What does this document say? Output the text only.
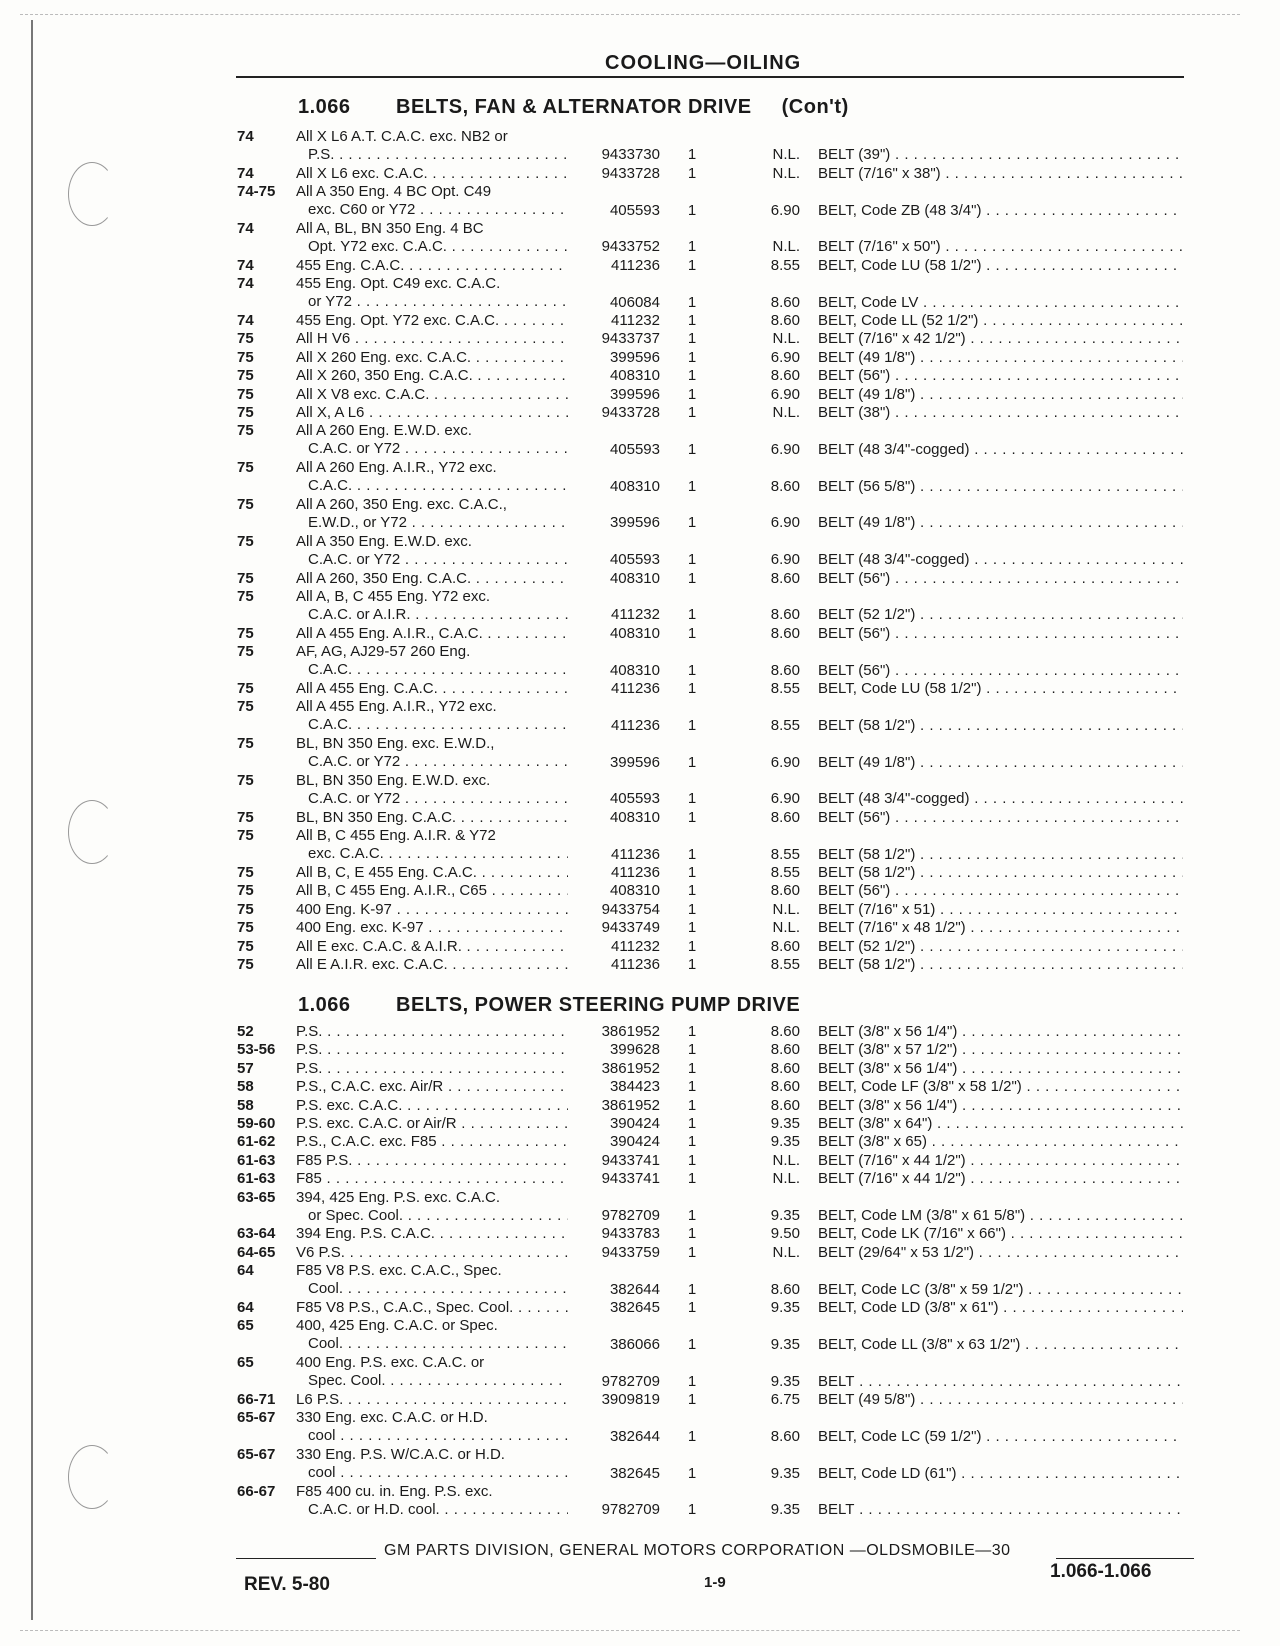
COOLING—OILING
1.066 BELTS, FAN & ALTERNATOR DRIVE (Con't)
74	All X L6 A.T. C.A.C. exc. NB2 or
P.S. . . .	9433730 1	N.L. BELT (39") . . .
74	All X L6 exc. C.A.C. . . .	9433728 1	N.L. BELT (7/16" x 38") . . .
74-75 All A 350 Eng. 4 BC Opt. C49
exc. C60 or Y72 . . .	405593 1	6.90 BELT, Code ZB (48 3/4") . . .
74	All A, BL, BN 350 Eng. 4 BC
Opt. Y72 exc. C.A.C. . . .	9433752 1	N.L. BELT (7/16" x 50") . . .
74	455 Eng. C.A.C. . . .	411236 1	8.55 BELT, Code LU (58 1/2") . . .
74	455 Eng. Opt. C49 exc. C.A.C.
or Y72 . . .	406084 1	8.60 BELT, Code LV . . .
74	455 Eng. Opt. Y72 exc. C.A.C. . . .	411232 1	8.60 BELT, Code LL (52 1/2") . . .
75	All H V6 . . .	9433737 1	N.L. BELT (7/16" x 42 1/2") . . .
75	All X 260 Eng. exc. C.A.C. . . .	399596 1	6.90 BELT (49 1/8") . . .
75	All X 260, 350 Eng. C.A.C. . . .	408310 1	8.60 BELT (56") . . .
75	All X V8 exc. C.A.C. . . .	399596 1	6.90 BELT (49 1/8") . . .
75	All X, A L6 . . .	9433728 1	N.L. BELT (38") . . .
75	All A 260 Eng. E.W.D. exc.
C.A.C. or Y72 . . .	405593 1	6.90 BELT (48 3/4"-cogged) . . .
75	All A 260 Eng. A.I.R., Y72 exc.
C.A.C. . . .	408310 1	8.60 BELT (56 5/8") . . .
75	All A 260, 350 Eng. exc. C.A.C.,
E.W.D., or Y72 . . .	399596 1	6.90 BELT (49 1/8") . . .
75	All A 350 Eng. E.W.D. exc.
C.A.C. or Y72 . . .	405593 1	6.90 BELT (48 3/4"-cogged) . . .
75	All A 260, 350 Eng. C.A.C. . . .	408310 1	8.60 BELT (56") . . .
75	All A, B, C 455 Eng. Y72 exc.
C.A.C. or A.I.R. . . .	411232 1	8.60 BELT (52 1/2") . . .
75	All A 455 Eng. A.I.R., C.A.C. . . .	408310 1	8.60 BELT (56") . . .
75	AF, AG, AJ29-57 260 Eng.
C.A.C. . . .	408310 1	8.60 BELT (56") . . .
75	All A 455 Eng. C.A.C. . . .	411236 1	8.55 BELT, Code LU (58 1/2") . . .
75	All A 455 Eng. A.I.R., Y72 exc.
C.A.C. . . .	411236 1	8.55 BELT (58 1/2") . . .
75	BL, BN 350 Eng. exc. E.W.D.,
C.A.C. or Y72 . . .	399596 1	6.90 BELT (49 1/8") . . .
75	BL, BN 350 Eng. E.W.D. exc.
C.A.C. or Y72 . . .	405593 1	6.90 BELT (48 3/4"-cogged) . . .
75	BL, BN 350 Eng. C.A.C. . . .	408310 1	8.60 BELT (56") . . .
75	All B, C 455 Eng. A.I.R. & Y72
exc. C.A.C. . . .	411236 1	8.55 BELT (58 1/2") . . .
75	All B, C, E 455 Eng. C.A.C. . . .	411236 1	8.55 BELT (58 1/2") . . .
75	All B, C 455 Eng. A.I.R., C65 . . .	408310 1	8.60 BELT (56") . . .
75	400 Eng. K-97 . . .	9433754 1	N.L. BELT (7/16" x 51) . . .
75	400 Eng. exc. K-97 . . .	9433749 1	N.L. BELT (7/16" x 48 1/2") . . .
75	All E exc. C.A.C. & A.I.R. . . .	411232 1	8.60 BELT (52 1/2") . . .
75	All E A.I.R. exc. C.A.C. . . .	411236 1	8.55 BELT (58 1/2") . . .
1.066 BELTS, POWER STEERING PUMP DRIVE
52	P.S. . . .	3861952 1	8.60 BELT (3/8" x 56 1/4") . . .
53-56 P.S. . . .	399628 1	8.60 BELT (3/8" x 57 1/2") . . .
57	P.S. . . .	3861952 1	8.60 BELT (3/8" x 56 1/4") . . .
58	P.S., C.A.C. exc. Air/R . . .	384423 1	8.60 BELT, Code LF (3/8" x 58 1/2") . . .
58	P.S. exc. C.A.C. . . .	3861952 1	8.60 BELT (3/8" x 56 1/4") . . .
59-60 P.S. exc. C.A.C. or Air/R . . .	390424 1	9.35 BELT (3/8" x 64") . . .
61-62 P.S., C.A.C. exc. F85 . . .	390424 1	9.35 BELT (3/8" x 65) . . .
61-63 F85 P.S. . . .	9433741 1	N.L. BELT (7/16" x 44 1/2") . . .
61-63 F85 . . .	9433741 1	N.L. BELT (7/16" x 44 1/2") . . .
63-65 394, 425 Eng. P.S. exc. C.A.C.
or Spec. Cool. . . .	9782709 1	9.35 BELT, Code LM (3/8" x 61 5/8") . . .
63-64 394 Eng. P.S. C.A.C. . . .	9433783 1	9.50 BELT, Code LK (7/16" x 66") . . .
64-65 V6 P.S. . . .	9433759 1	N.L. BELT (29/64" x 53 1/2") . . .
64	F85 V8 P.S. exc. C.A.C., Spec.
Cool. . . .	382644 1	8.60 BELT, Code LC (3/8" x 59 1/2") . . .
64	F85 V8 P.S., C.A.C., Spec. Cool. . . .	382645 1	9.35 BELT, Code LD (3/8" x 61") . . .
65	400, 425 Eng. C.A.C. or Spec.
Cool. . . .	386066 1	9.35 BELT, Code LL (3/8" x 63 1/2") . . .
65	400 Eng. P.S. exc. C.A.C. or
Spec. Cool. . . .	9782709 1	9.35 BELT . . .
66-71 L6 P.S. . . .	3909819 1	6.75 BELT (49 5/8") . . .
65-67 330 Eng. exc. C.A.C. or H.D.
cool . . .	382644 1	8.60 BELT, Code LC (59 1/2") . . .
65-67 330 Eng. P.S. W/C.A.C. or H.D.
cool . . .	382645 1	9.35 BELT, Code LD (61") . . .
66-67 F85 400 cu. in. Eng. P.S. exc.
C.A.C. or H.D. cool. . . .	9782709 1	9.35 BELT . . .
GM PARTS DIVISION, GENERAL MOTORS CORPORATION —OLDSMOBILE—30
REV. 5-80	1-9
1.066-1.066
